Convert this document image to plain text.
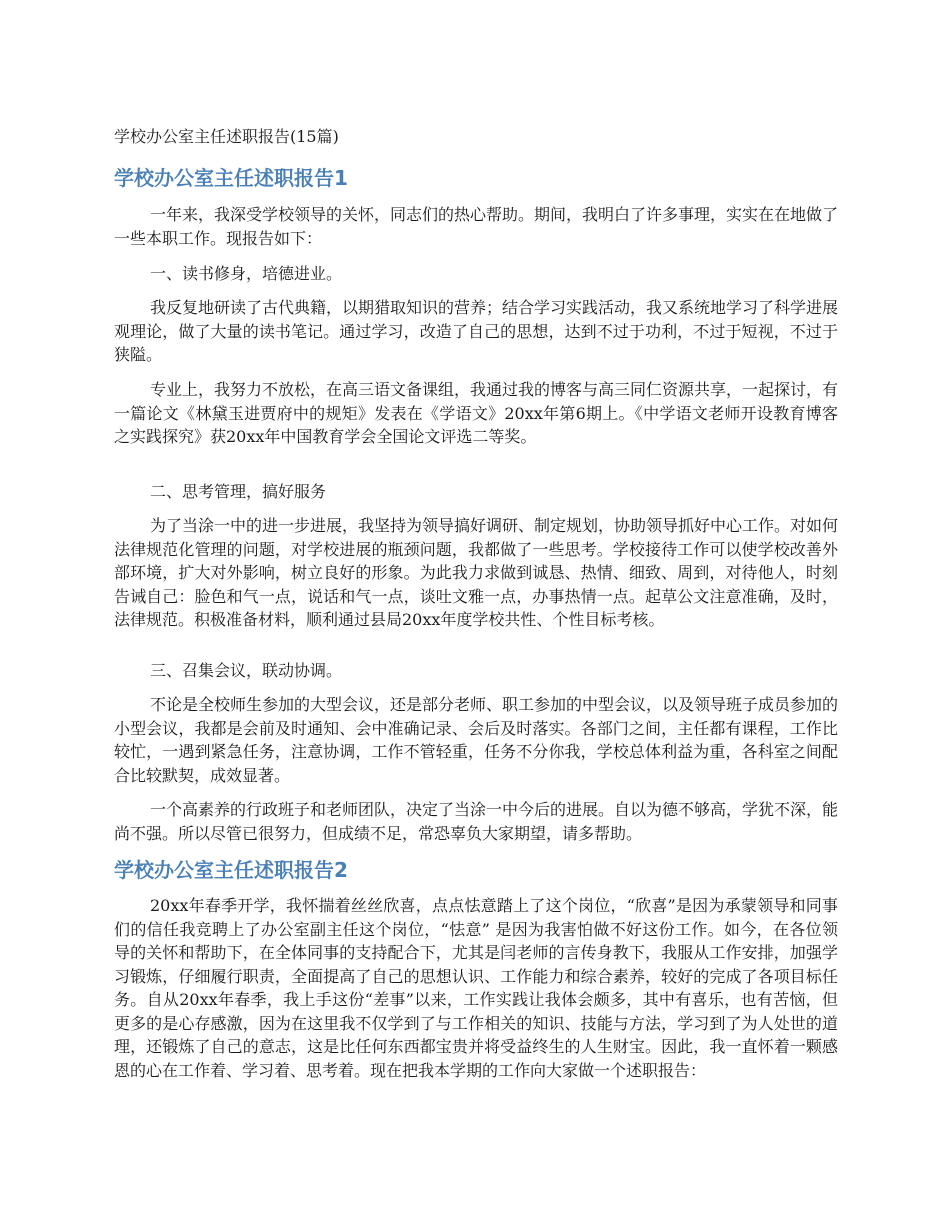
学校办公室主任述职报告(15篇)
学校办公室主任述职报告1

一年来，我深受学校领导的关怀，同志们的热心帮助。期间，我明白了许多事理，实实在在地做了一些本职工作。现报告如下：

一、读书修身，培德进业。

我反复地研读了古代典籍，以期猎取知识的营养；结合学习实践活动，我又系统地学习了科学进展观理论，做了大量的读书笔记。通过学习，改造了自己的思想，达到不过于功利，不过于短视，不过于狭隘。

专业上，我努力不放松，在高三语文备课组，我通过我的博客与高三同仁资源共享，一起探讨，有一篇论文《林黛玉进贾府中的规矩》发表在《学语文》20xx年第6期上。《中学语文老师开设教育博客之实践探究》获20xx年中国教育学会全国论文评选二等奖。

二、思考管理，搞好服务

为了当涂一中的进一步进展，我坚持为领导搞好调研、制定规划，协助领导抓好中心工作。对如何法律规范化管理的问题，对学校进展的瓶颈问题，我都做了一些思考。学校接待工作可以使学校改善外部环境，扩大对外影响，树立良好的形象。为此我力求做到诚恳、热情、细致、周到，对待他人，时刻告诫自己：脸色和气一点，说话和气一点，谈吐文雅一点，办事热情一点。起草公文注意准确，及时，法律规范。积极准备材料，顺利通过县局20xx年度学校共性、个性目标考核。

三、召集会议，联动协调。

不论是全校师生参加的大型会议，还是部分老师、职工参加的中型会议，以及领导班子成员参加的小型会议，我都是会前及时通知、会中准确记录、会后及时落实。各部门之间，主任都有课程，工作比较忙，一遇到紧急任务，注意协调，工作不管轻重，任务不分你我，学校总体利益为重，各科室之间配合比较默契，成效显著。

一个高素养的行政班子和老师团队，决定了当涂一中今后的进展。自以为德不够高，学犹不深，能尚不强。所以尽管已很努力，但成绩不足，常恐辜负大家期望，请多帮助。

学校办公室主任述职报告2

20xx年春季开学，我怀揣着丝丝欣喜，点点怯意踏上了这个岗位，“欣喜”是因为承蒙领导和同事们的信任我竞聘上了办公室副主任这个岗位，“怯意” 是因为我害怕做不好这份工作。如今，在各位领导的关怀和帮助下，在全体同事的支持配合下，尤其是闫老师的言传身教下，我服从工作安排，加强学习锻炼，仔细履行职责，全面提高了自己的思想认识、工作能力和综合素养，较好的完成了各项目标任务。自从20xx年春季，我上手这份“差事”以来，工作实践让我体会颇多，其中有喜乐，也有苦恼，但更多的是心存感激，因为在这里我不仅学到了与工作相关的知识、技能与方法，学习到了为人处世的道理，还锻炼了自己的意志，这是比任何东西都宝贵并将受益终生的人生财宝。因此，我一直怀着一颗感恩的心在工作着、学习着、思考着。现在把我本学期的工作向大家做一个述职报告：
